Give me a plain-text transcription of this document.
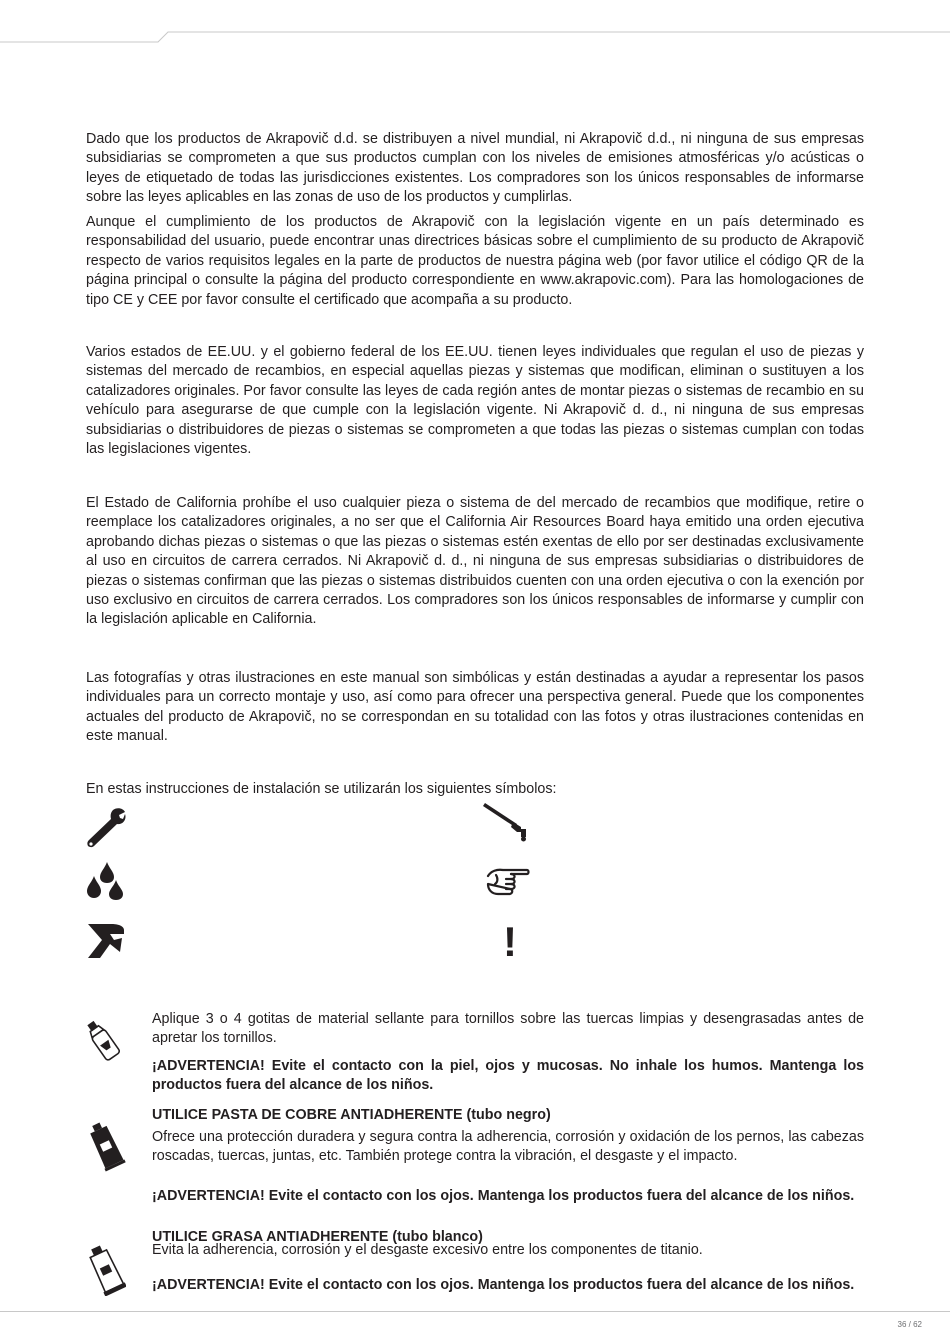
Dado que los productos de Akrapovič d.d. se distribuyen a nivel mundial, ni Akrapovič d.d., ni ninguna de sus empresas subsidiarias se comprometen a que sus productos cumplan con los niveles de emisiones atmosféricas y/o acústicas o leyes de etiquetado de todas las jurisdicciones existentes. Los compradores son los únicos responsables de informarse sobre las leyes aplicables en las zonas de uso de los productos y cumplirlas.

Aunque el cumplimiento de los productos de Akrapovič con la legislación vigente en un país determinado es responsabilidad del usuario, puede encontrar unas directrices básicas sobre el cumplimiento de su producto de Akrapovič respecto de varios requisitos legales en la parte de productos de nuestra página web (por favor utilice el código QR de la página principal o consulte la página del producto correspondiente en www.akrapovic.com). Para las homologaciones de tipo CE y CEE por favor consulte el certificado que acompaña a su producto.

Varios estados de EE.UU. y el gobierno federal de los EE.UU. tienen leyes individuales que regulan el uso de piezas y sistemas del mercado de recambios, en especial aquellas piezas y sistemas que modifican, eliminan o sustituyen a los catalizadores originales. Por favor consulte las leyes de cada región antes de montar piezas o sistemas de recambio en su vehículo para asegurarse de que cumple con la legislación vigente. Ni Akrapovič d. d., ni ninguna de sus empresas subsidiarias o distribuidores de piezas o sistemas se comprometen a que todas las piezas o sistemas cumplan con todas las legislaciones vigentes.

El Estado de California prohíbe el uso cualquier pieza o sistema de del mercado de recambios que modifique, retire o reemplace los catalizadores originales, a no ser que el California Air Resources Board haya emitido una orden ejecutiva aprobando dichas piezas o sistemas o que las piezas o sistemas estén exentas de ello por ser destinadas exclusivamente al uso en circuitos de carrera cerrados. Ni Akrapovič d. d., ni ninguna de sus empresas subsidiarias o distribuidores de piezas o sistemas confirman que las piezas o sistemas distribuidos cuenten con una orden ejecutiva o con la exención por uso exclusivo en circuitos de carrera cerrados. Los compradores son los únicos responsables de informarse y cumplir con la legislación aplicable en California.

Las fotografías y otras ilustraciones en este manual son simbólicas y están destinadas a ayudar a representar los pasos individuales para un correcto montaje y uso, así como para ofrecer una perspectiva general. Puede que los componentes actuales del producto de Akrapovič, no se correspondan en su totalidad con las fotos y otras ilustraciones contenidas en este manual.

En estas instrucciones de instalación se utilizarán los siguientes símbolos:

!

Aplique 3 o 4 gotitas de material sellante para tornillos sobre las tuercas limpias y desengrasadas antes de apretar los tornillos.

¡ADVERTENCIA! Evite el contacto con la piel, ojos y mucosas. No inhale los humos. Mantenga los productos fuera del alcance de los niños.

UTILICE PASTA DE COBRE ANTIADHERENTE (tubo negro)

Ofrece una protección duradera y segura contra la adherencia, corrosión y oxidación de los pernos, las cabezas roscadas, tuercas, juntas, etc. También protege contra la vibración, el desgaste y el impacto.

¡ADVERTENCIA! Evite el contacto con los ojos. Mantenga los productos fuera del alcance de los niños.

UTILICE GRASA ANTIADHERENTE (tubo blanco)

Evita la adherencia, corrosión y el desgaste excesivo entre los componentes de titanio.

¡ADVERTENCIA! Evite el contacto con los ojos. Mantenga los productos fuera del alcance de los niños.

36 / 62
